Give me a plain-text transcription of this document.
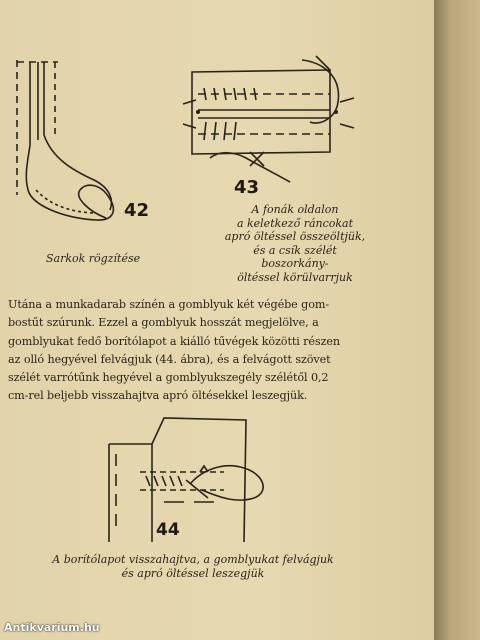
42
Sarkok rögzítése
43
A fonák oldalon
a keletkező ráncokat
apró öltéssel összeöltjük,
és a csík szélét boszorkány-
öltéssel körülvarrjuk
Utána a munkadarab színén a gomblyuk két végébe gom-
bostűt szúrunk. Ezzel a gomblyuk hosszát megjelölve, a
gomblyukat fedő borítólapot a kiálló tűvégek közötti részen
az olló hegyével felvágjuk (44. ábra), és a felvágott szövet
szélét varrótűnk hegyével a gomblyukszegély szélétől 0,2
cm-rel beljebb visszahajtva apró öltésekkel leszegjük.
44
A borítólapot visszahajtva, a gomblyukat felvágjuk
és apró öltéssel leszegjük
Antikvarium.hu
